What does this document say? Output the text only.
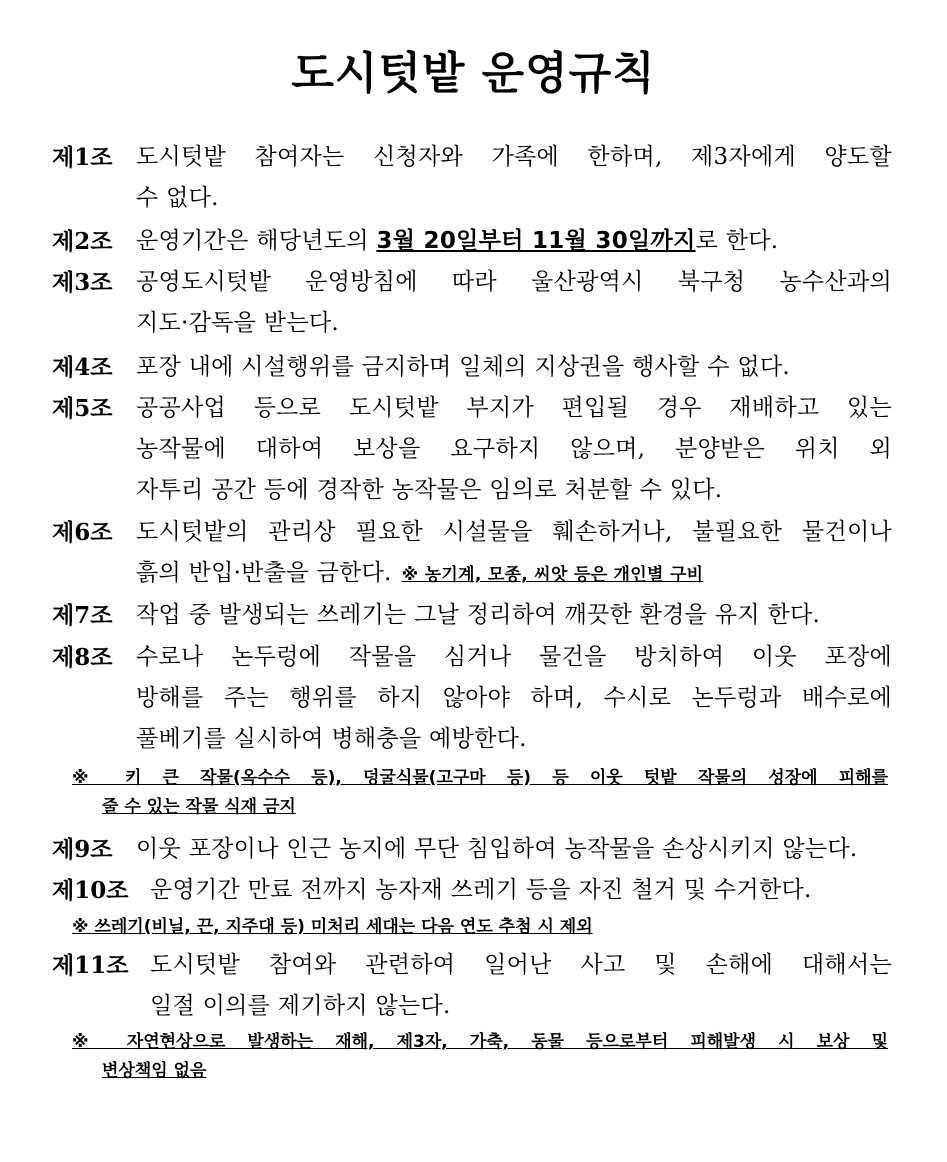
도시텃밭 운영규칙
제1조 도시텃밭 참여자는 신청자와 가족에 한하며, 제3자에게 양도할
수 없다.
제2조 운영기간은 해당년도의 3월 20일부터 11월 30일까지로 한다.
제3조 공영도시텃밭 운영방침에 따라 울산광역시 북구청 농수산과의
지도·감독을 받는다.
제4조 포장 내에 시설행위를 금지하며 일체의 지상권을 행사할 수 없다.
제5조 공공사업 등으로 도시텃밭 부지가 편입될 경우 재배하고 있는
농작물에 대하여 보상을 요구하지 않으며, 분양받은 위치 외
자투리 공간 등에 경작한 농작물은 임의로 처분할 수 있다.
제6조 도시텃밭의 관리상 필요한 시설물을 훼손하거나, 불필요한 물건이나
흙의 반입·반출을 금한다. ※ 농기계, 모종, 씨앗 등은 개인별 구비
제7조 작업 중 발생되는 쓰레기는 그날 정리하여 깨끗한 환경을 유지 한다.
제8조 수로나 논두렁에 작물을 심거나 물건을 방치하여 이웃 포장에
방해를 주는 행위를 하지 않아야 하며, 수시로 논두렁과 배수로에
풀베기를 실시하여 병해충을 예방한다.
※ 키 큰 작물(옥수수 등), 덩굴식물(고구마 등) 등 이웃 텃밭 작물의 성장에 피해를
줄 수 있는 작물 식재 금지
제9조 이웃 포장이나 인근 농지에 무단 침입하여 농작물을 손상시키지 않는다.
제10조 운영기간 만료 전까지 농자재 쓰레기 등을 자진 철거 및 수거한다.
※ 쓰레기(비닐, 끈, 지주대 등) 미처리 세대는 다음 연도 추첨 시 제외
제11조 도시텃밭 참여와 관련하여 일어난 사고 및 손해에 대해서는
일절 이의를 제기하지 않는다.
※ 자연현상으로 발생하는 재해, 제3자, 가축, 동물 등으로부터 피해발생 시 보상 및
변상책임 없음
